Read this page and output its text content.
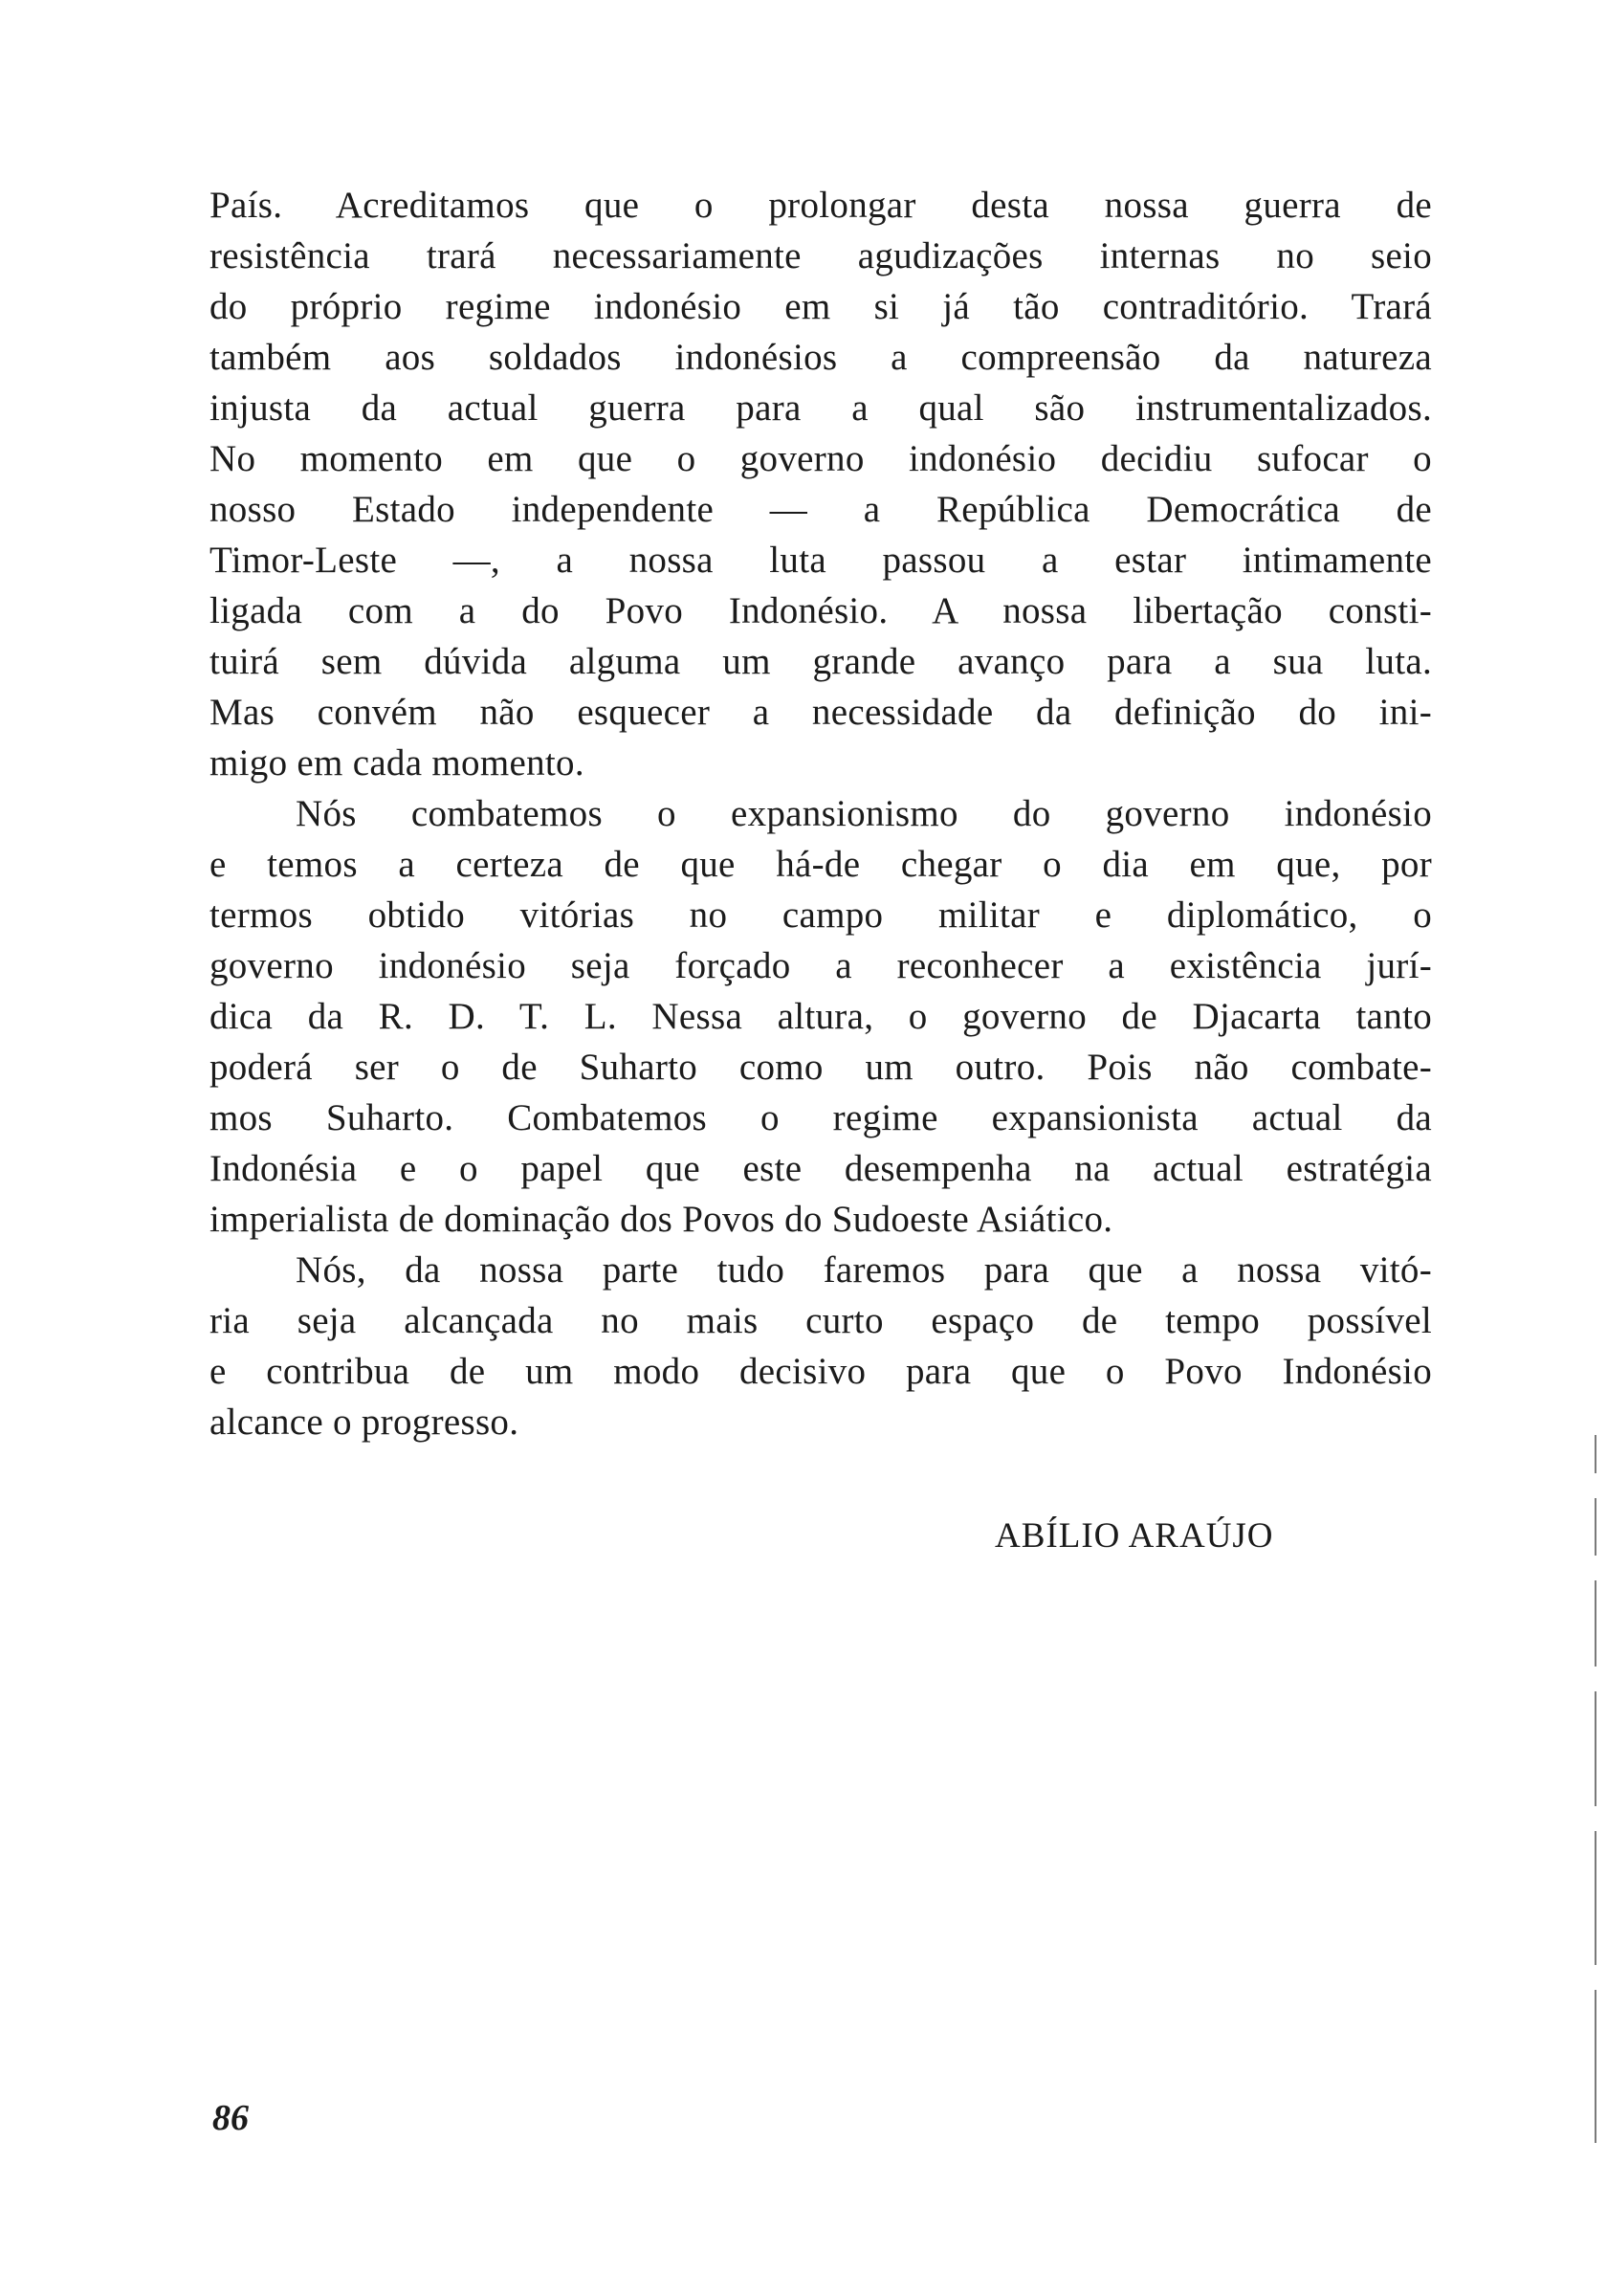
País. Acreditamos que o prolongar desta nossa guerra de
resistência trará necessariamente agudizações internas no seio
do próprio regime indonésio em si já tão contraditório. Trará
também aos soldados indonésios a compreensão da natureza
injusta da actual guerra para a qual são instrumentalizados.
No momento em que o governo indonésio decidiu sufocar o
nosso Estado independente — a República Democrática de
Timor-Leste —, a nossa luta passou a estar intimamente
ligada com a do Povo Indonésio. A nossa libertação consti-
tuirá sem dúvida alguma um grande avanço para a sua luta.
Mas convém não esquecer a necessidade da definição do ini-
migo em cada momento.
Nós combatemos o expansionismo do governo indonésio
e temos a certeza de que há-de chegar o dia em que, por
termos obtido vitórias no campo militar e diplomático, o
governo indonésio seja forçado a reconhecer a existência jurí-
dica da R. D. T. L. Nessa altura, o governo de Djacarta tanto
poderá ser o de Suharto como um outro. Pois não combate-
mos Suharto. Combatemos o regime expansionista actual da
Indonésia e o papel que este desempenha na actual estratégia
imperialista de dominação dos Povos do Sudoeste Asiático.
Nós, da nossa parte tudo faremos para que a nossa vitó-
ria seja alcançada no mais curto espaço de tempo possível
e contribua de um modo decisivo para que o Povo Indonésio
alcance o progresso.
ABÍLIO ARAÚJO
86
